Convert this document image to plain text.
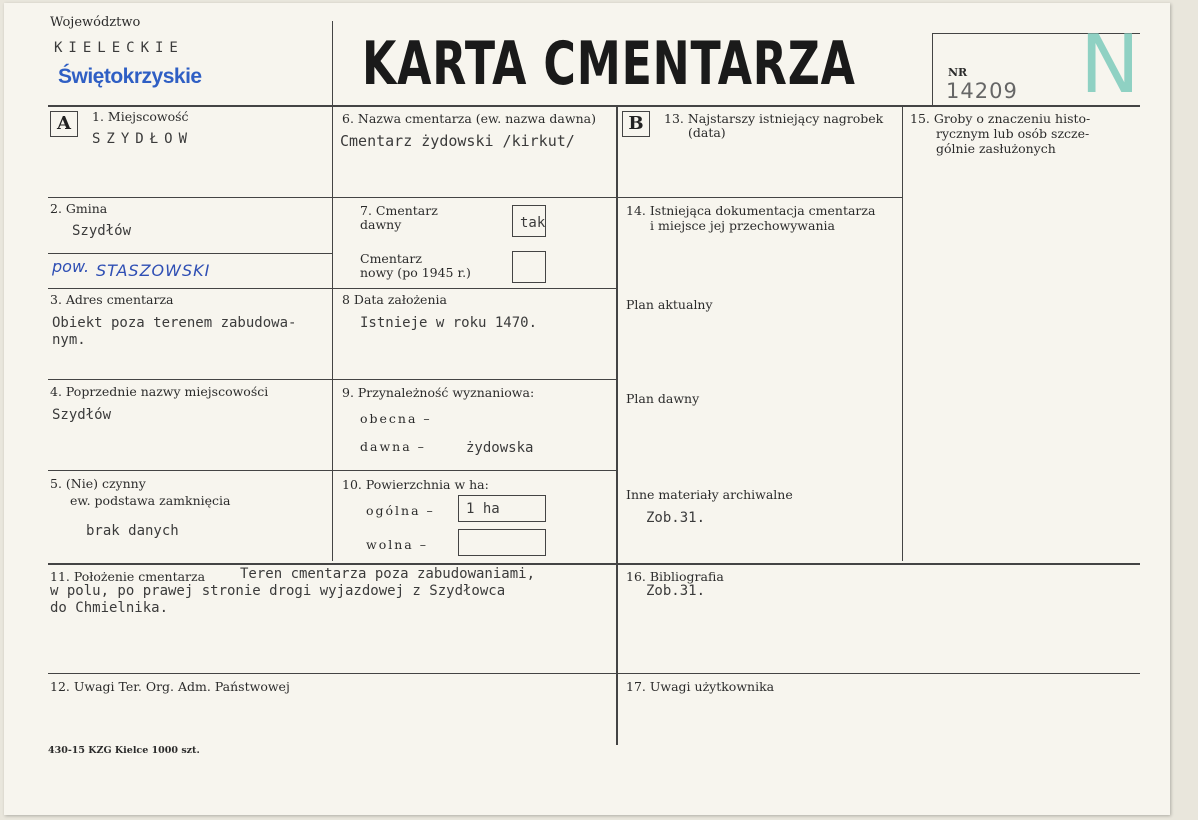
Województwo
KIELECKIE
Świętokrzyskie	KARTA CMENTARZA	NR
14209 N
A	B
1. Miejscowość
SZYDŁOW
6. Nazwa cmentarza (ew. nazwa dawna)
Cmentarz żydowski /kirkut/
13. Najstarszy istniejący nagrobek
(data)
15. Groby o znaczeniu histo-
rycznym lub osób szcze-
gólnie zasłużonych
2. Gmina
Szydłów
pow. STASZOWSKI
7. Cmentarz
dawny	tak
Cmentarz
nowy (po 1945 r.)
14. Istniejąca dokumentacja cmentarza
i miejsce jej przechowywania
Plan aktualny
Plan dawny
Inne materiały archiwalne
Zob.31.
3. Adres cmentarza
Obiekt poza terenem zabudowa-
nym.
8 Data założenia
Istnieje w roku 1470.
4. Poprzednie nazwy miejscowości
Szydłów
9. Przynależność wyznaniowa:
obecna –
dawna –	żydowska
5. (Nie) czynny
ew. podstawa zamknięcia
brak danych
10. Powierzchnia w ha:
ogólna – 1 ha
wolna –
11. Położenie cmentarza Teren cmentarza poza zabudowaniami,
w polu, po prawej stronie drogi wyjazdowej z Szydłowca
do Chmielnika.
16. Bibliografia
Zob.31.
12. Uwagi Ter. Org. Adm. Państwowej	17. Uwagi użytkownika
430-15 KZG Kielce 1000 szt.
